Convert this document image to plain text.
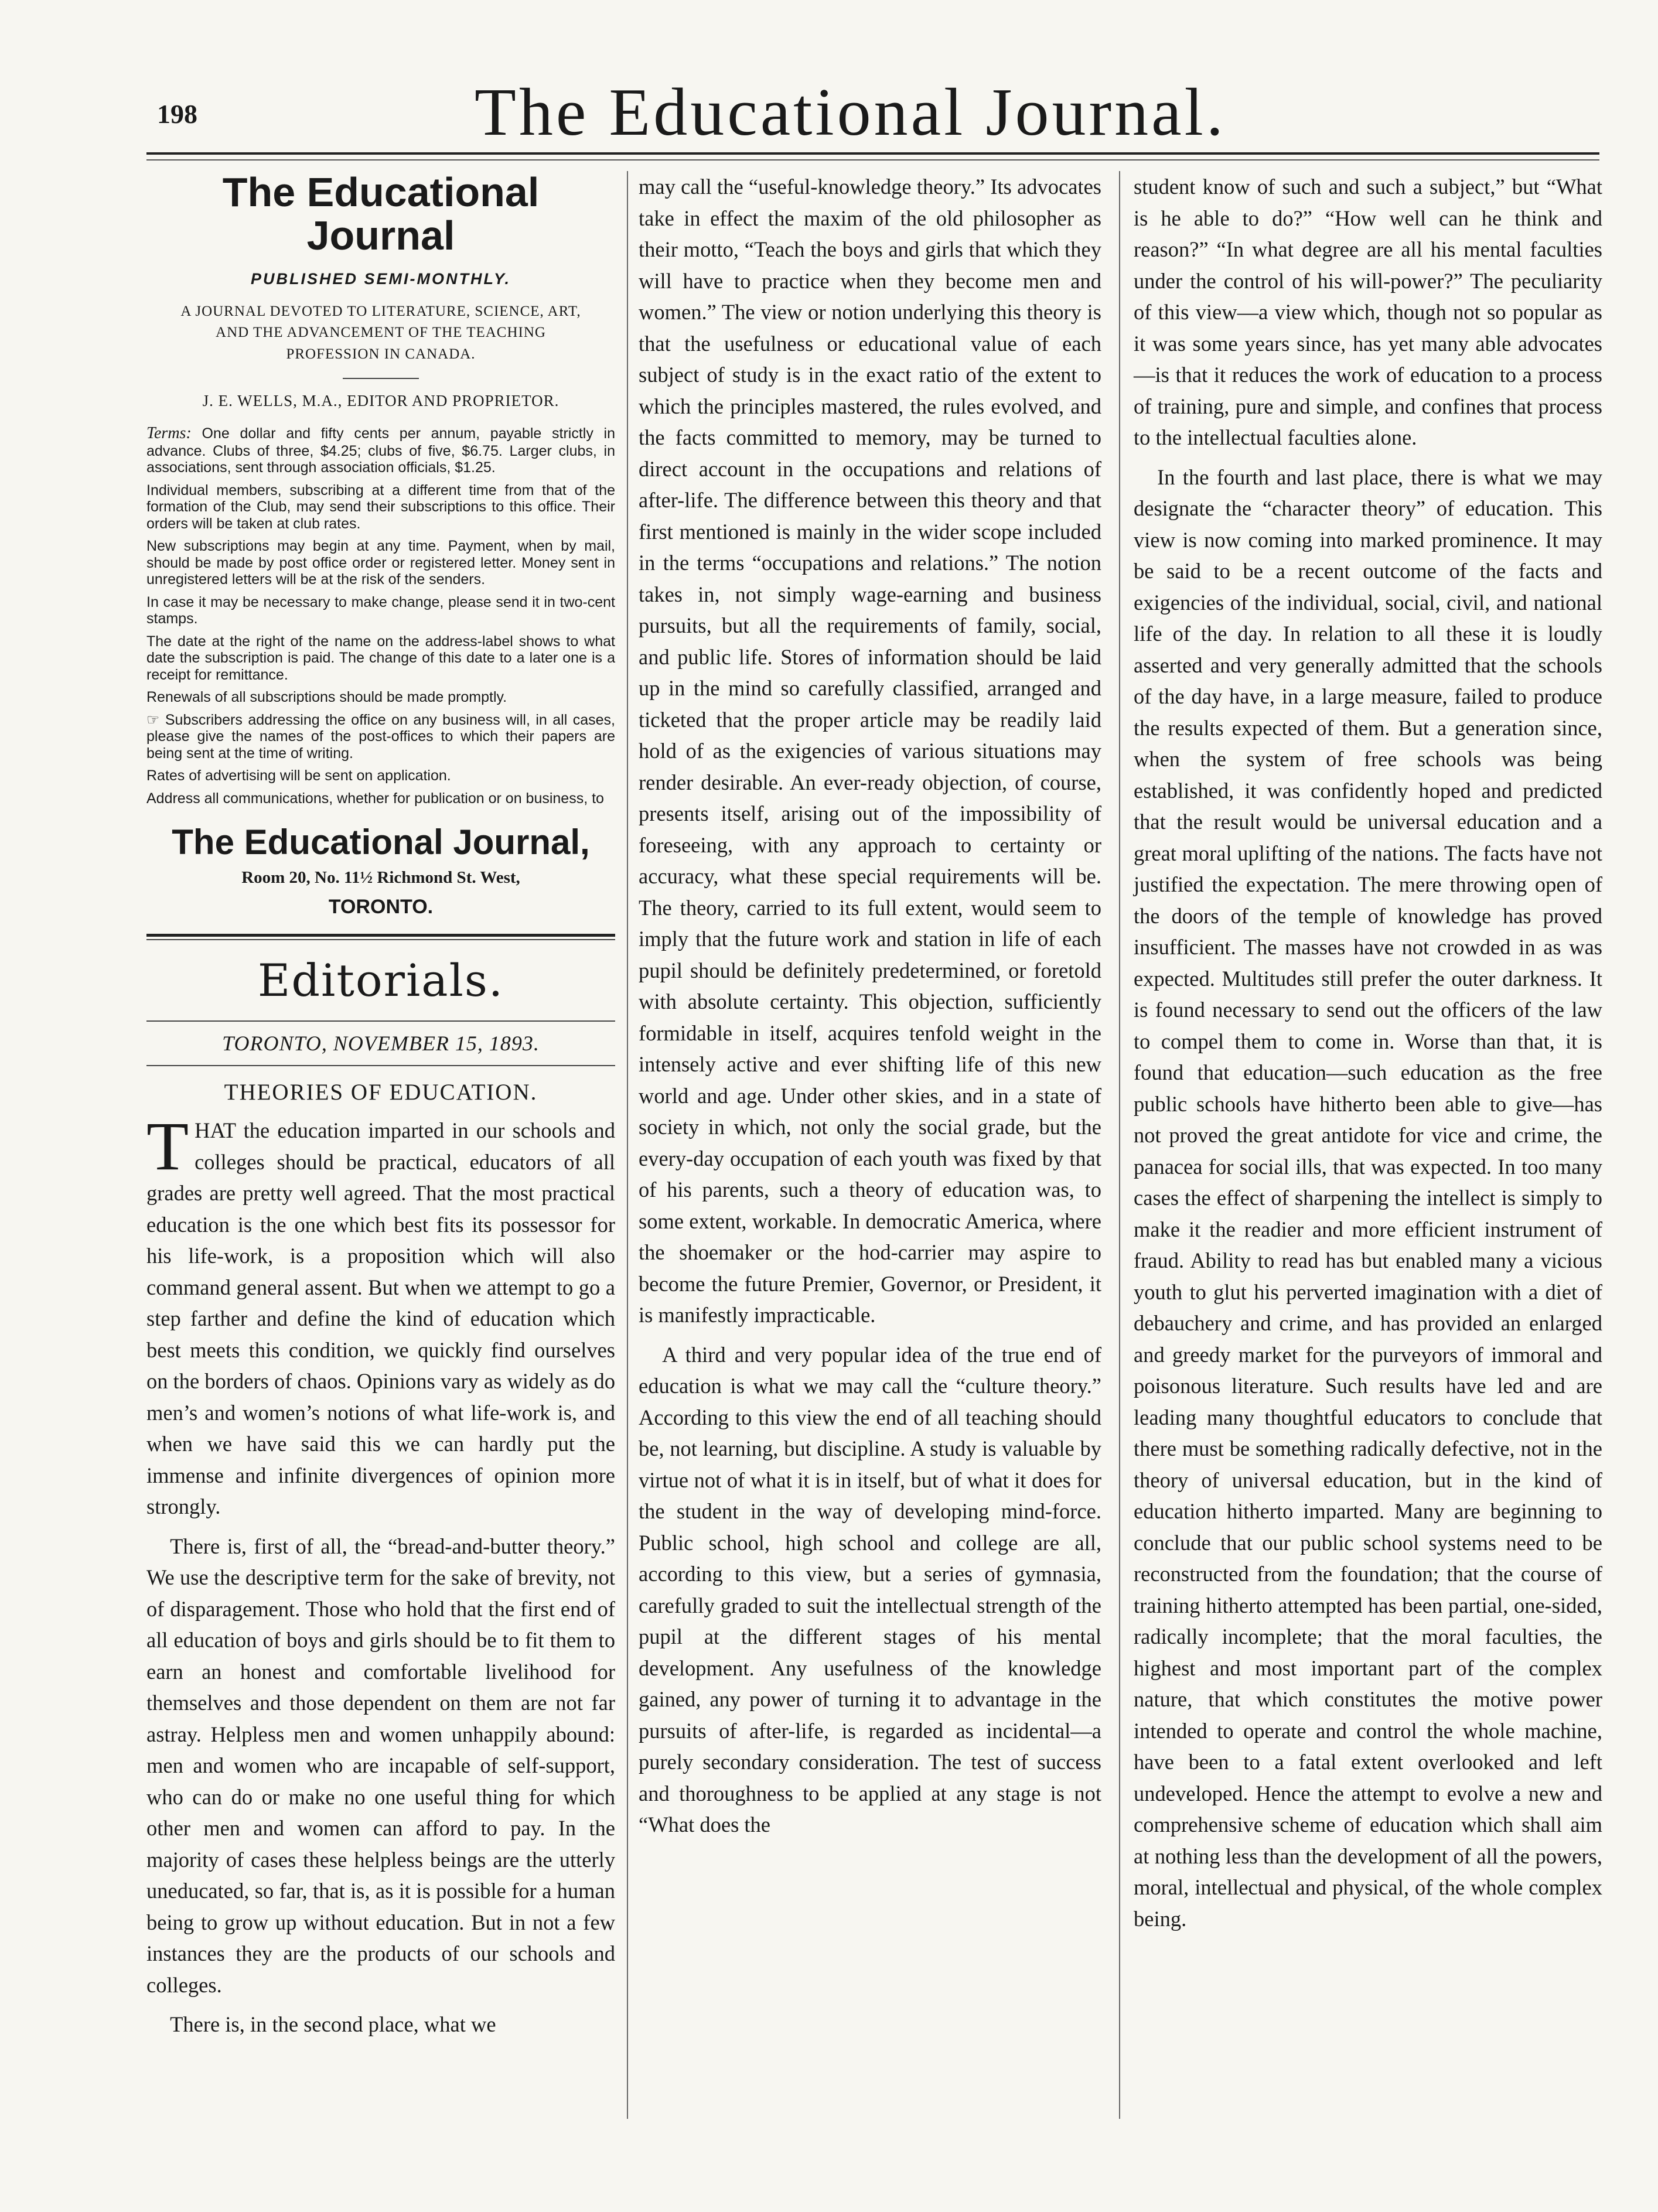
198	The Educational Journal.
The Educational Journal
PUBLISHED SEMI-MONTHLY.
A JOURNAL DEVOTED TO LITERATURE, SCIENCE, ART, AND THE ADVANCEMENT OF THE TEACHING PROFESSION IN CANADA.
J. E. WELLS, M.A., EDITOR AND PROPRIETOR.

Terms: One dollar and fifty cents per annum, payable strictly in advance. Clubs of three, $4.25; clubs of five, $6.75. Larger clubs, in associations, sent through association officials, $1.25.

Individual members, subscribing at a different time from that of the formation of the Club, may send their subscriptions to this office. Their orders will be taken at club rates.

New subscriptions may begin at any time. Payment, when by mail, should be made by post office order or registered letter. Money sent in unregistered letters will be at the risk of the senders.

In case it may be necessary to make change, please send it in two-cent stamps.

The date at the right of the name on the address-label shows to what date the subscription is paid. The change of this date to a later one is a receipt for remittance.

Renewals of all subscriptions should be made promptly.

☞ Subscribers addressing the office on any business will, in all cases, please give the names of the post-offices to which their papers are being sent at the time of writing.

Rates of advertising will be sent on application.

Address all communications, whether for publication or on business, to

The Educational Journal,
Room 20, No. 11½ Richmond St. West,
TORONTO.
Editorials.
TORONTO, NOVEMBER 15, 1893.
THEORIES OF EDUCATION.

THAT the education imparted in our schools and colleges should be practical, educators of all grades are pretty well agreed. That the most practical education is the one which best fits its possessor for his life-work, is a proposition which will also command general assent. But when we attempt to go a step farther and define the kind of education which best meets this condition, we quickly find ourselves on the borders of chaos. Opinions vary as widely as do men’s and women’s notions of what life-work is, and when we have said this we can hardly put the immense and infinite divergences of opinion more strongly.

There is, first of all, the “bread-and-butter theory.” We use the descriptive term for the sake of brevity, not of disparagement. Those who hold that the first end of all education of boys and girls should be to fit them to earn an honest and comfortable livelihood for themselves and those dependent on them are not far astray. Helpless men and women unhappily abound: men and women who are incapable of self-support, who can do or make no one useful thing for which other men and women can afford to pay. In the majority of cases these helpless beings are the utterly uneducated, so far, that is, as it is possible for a human being to grow up without education. But in not a few instances they are the products of our schools and colleges.

There is, in the second place, what we

may call the “useful-knowledge theory.” Its advocates take in effect the maxim of the old philosopher as their motto, “Teach the boys and girls that which they will have to practice when they become men and women.” The view or notion underlying this theory is that the usefulness or educational value of each subject of study is in the exact ratio of the extent to which the principles mastered, the rules evolved, and the facts committed to memory, may be turned to direct account in the occupations and relations of after-life. The difference between this theory and that first mentioned is mainly in the wider scope included in the terms “occupations and relations.” The notion takes in, not simply wage-earning and business pursuits, but all the requirements of family, social, and public life. Stores of information should be laid up in the mind so carefully classified, arranged and ticketed that the proper article may be readily laid hold of as the exigencies of various situations may render desirable. An ever-ready objection, of course, presents itself, arising out of the impossibility of foreseeing, with any approach to certainty or accuracy, what these special requirements will be. The theory, carried to its full extent, would seem to imply that the future work and station in life of each pupil should be definitely predetermined, or foretold with absolute certainty. This objection, sufficiently formidable in itself, acquires tenfold weight in the intensely active and ever shifting life of this new world and age. Under other skies, and in a state of society in which, not only the social grade, but the every-day occupation of each youth was fixed by that of his parents, such a theory of education was, to some extent, workable. In democratic America, where the shoemaker or the hod-carrier may aspire to become the future Premier, Governor, or President, it is manifestly impracticable.

A third and very popular idea of the true end of education is what we may call the “culture theory.” According to this view the end of all teaching should be, not learning, but discipline. A study is valuable by virtue not of what it is in itself, but of what it does for the student in the way of developing mind-force. Public school, high school and college are all, according to this view, but a series of gymnasia, carefully graded to suit the intellectual strength of the pupil at the different stages of his mental development. Any usefulness of the knowledge gained, any power of turning it to advantage in the pursuits of after-life, is regarded as incidental—a purely secondary consideration. The test of success and thoroughness to be applied at any stage is not “What does the

student know of such and such a subject,” but “What is he able to do?” “How well can he think and reason?” “In what degree are all his mental faculties under the control of his will-power?” The peculiarity of this view—a view which, though not so popular as it was some years since, has yet many able advocates—is that it reduces the work of education to a process of training, pure and simple, and confines that process to the intellectual faculties alone.

In the fourth and last place, there is what we may designate the “character theory” of education. This view is now coming into marked prominence. It may be said to be a recent outcome of the facts and exigencies of the individual, social, civil, and national life of the day. In relation to all these it is loudly asserted and very generally admitted that the schools of the day have, in a large measure, failed to produce the results expected of them. But a generation since, when the system of free schools was being established, it was confidently hoped and predicted that the result would be universal education and a great moral uplifting of the nations. The facts have not justified the expectation. The mere throwing open of the doors of the temple of knowledge has proved insufficient. The masses have not crowded in as was expected. Multitudes still prefer the outer darkness. It is found necessary to send out the officers of the law to compel them to come in. Worse than that, it is found that education—such education as the free public schools have hitherto been able to give—has not proved the great antidote for vice and crime, the panacea for social ills, that was expected. In too many cases the effect of sharpening the intellect is simply to make it the readier and more efficient instrument of fraud. Ability to read has but enabled many a vicious youth to glut his perverted imagination with a diet of debauchery and crime, and has provided an enlarged and greedy market for the purveyors of immoral and poisonous literature. Such results have led and are leading many thoughtful educators to conclude that there must be something radically defective, not in the theory of universal education, but in the kind of education hitherto imparted. Many are beginning to conclude that our public school systems need to be reconstructed from the foundation; that the course of training hitherto attempted has been partial, one-sided, radically incomplete; that the moral faculties, the highest and most important part of the complex nature, that which constitutes the motive power intended to operate and control the whole machine, have been to a fatal extent overlooked and left undeveloped. Hence the attempt to evolve a new and comprehensive scheme of education which shall aim at nothing less than the development of all the powers, moral, intellectual and physical, of the whole complex being.
